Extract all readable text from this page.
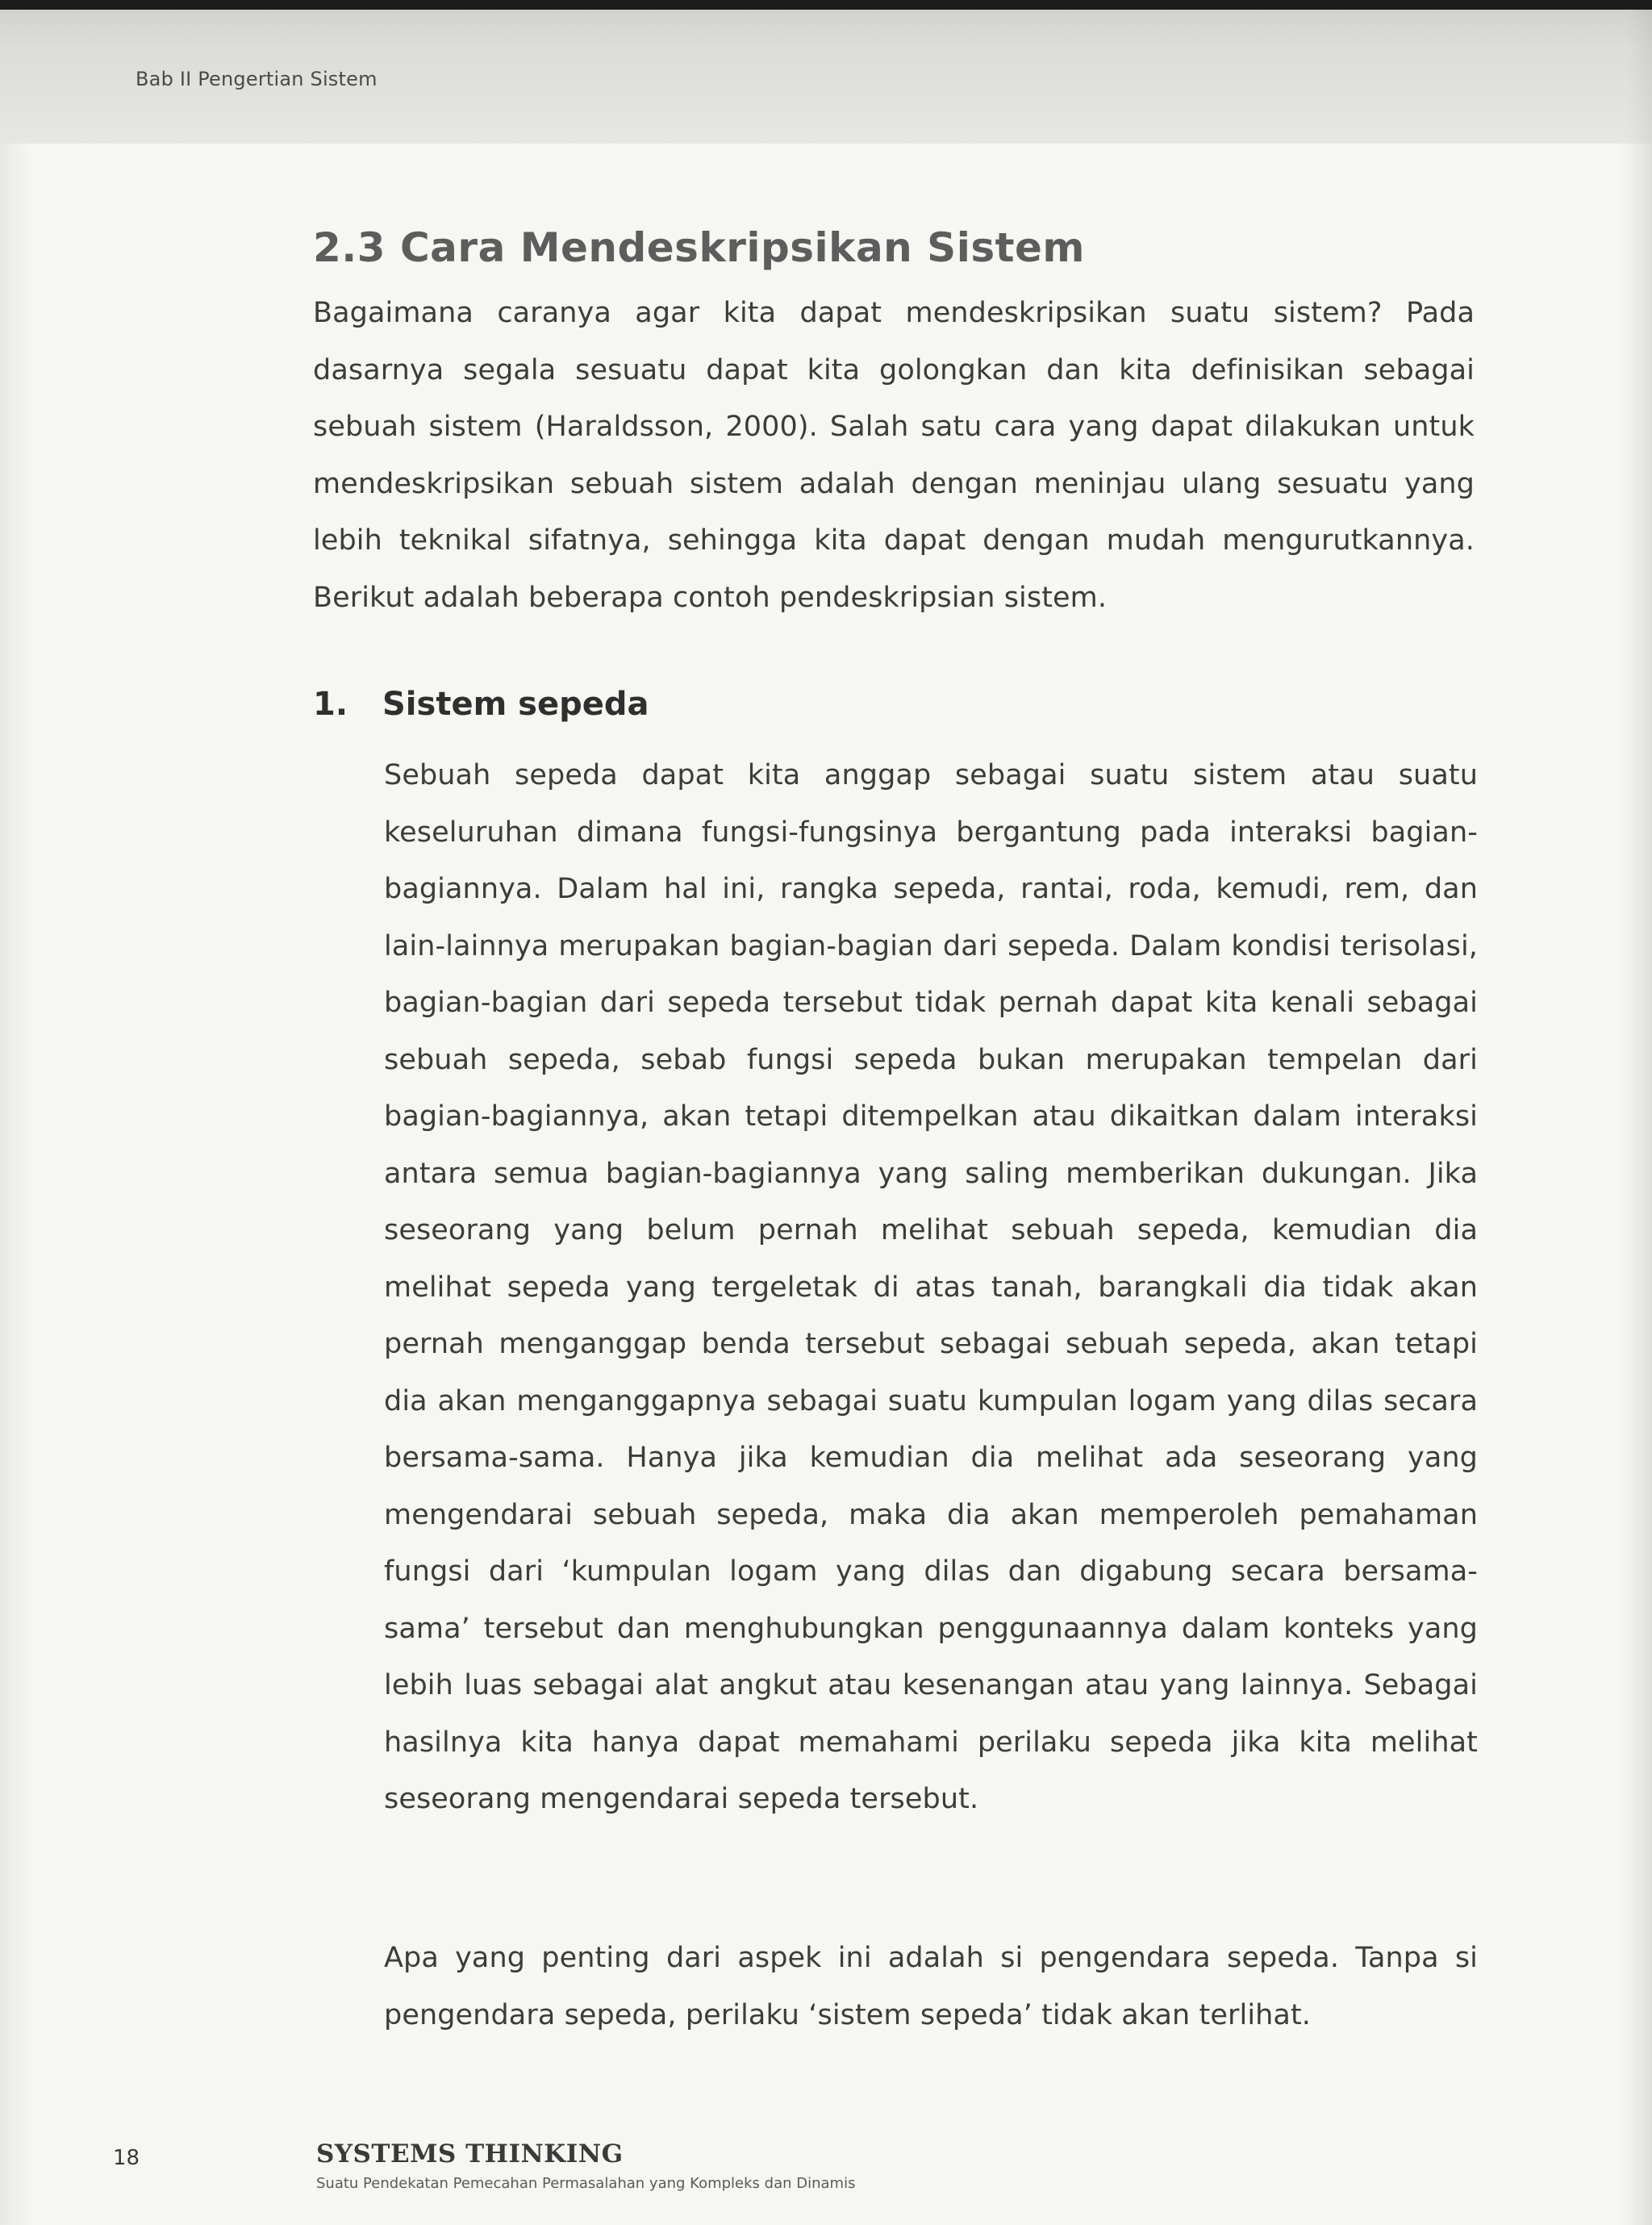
Bab II Pengertian Sistem
2.3 Cara Mendeskripsikan Sistem

Bagaimana caranya agar kita dapat mendeskripsikan suatu sistem? Pada dasarnya segala sesuatu dapat kita golongkan dan kita definisikan sebagai sebuah sistem (Haraldsson, 2000). Salah satu cara yang dapat dilakukan untuk mendeskripsikan sebuah sistem adalah dengan meninjau ulang sesuatu yang lebih teknikal sifatnya, sehingga kita dapat dengan mudah mengurutkannya. Berikut adalah beberapa contoh pendeskripsian sistem.

1. Sistem sepeda

Sebuah sepeda dapat kita anggap sebagai suatu sistem atau suatu keseluruhan dimana fungsi-fungsinya bergantung pada interaksi bagian-bagiannya. Dalam hal ini, rangka sepeda, rantai, roda, kemudi, rem, dan lain-lainnya merupakan bagian-bagian dari sepeda. Dalam kondisi terisolasi, bagian-bagian dari sepeda tersebut tidak pernah dapat kita kenali sebagai sebuah sepeda, sebab fungsi sepeda bukan merupakan tempelan dari bagian-bagiannya, akan tetapi ditempelkan atau dikaitkan dalam interaksi antara semua bagian-bagiannya yang saling memberikan dukungan. Jika seseorang yang belum pernah melihat sebuah sepeda, kemudian dia melihat sepeda yang tergeletak di atas tanah, barangkali dia tidak akan pernah menganggap benda tersebut sebagai sebuah sepeda, akan tetapi dia akan menganggapnya sebagai suatu kumpulan logam yang dilas secara bersama-sama. Hanya jika kemudian dia melihat ada seseorang yang mengendarai sebuah sepeda, maka dia akan memperoleh pemahaman fungsi dari ‘kumpulan logam yang dilas dan digabung secara bersama-sama’ tersebut dan menghubungkan penggunaannya dalam konteks yang lebih luas sebagai alat angkut atau kesenangan atau yang lainnya. Sebagai hasilnya kita hanya dapat memahami perilaku sepeda jika kita melihat seseorang mengendarai sepeda tersebut.

Apa yang penting dari aspek ini adalah si pengendara sepeda. Tanpa si pengendara sepeda, perilaku ‘sistem sepeda’ tidak akan terlihat.

18	SYSTEMS THINKING
Suatu Pendekatan Pemecahan Permasalahan yang Kompleks dan Dinamis
